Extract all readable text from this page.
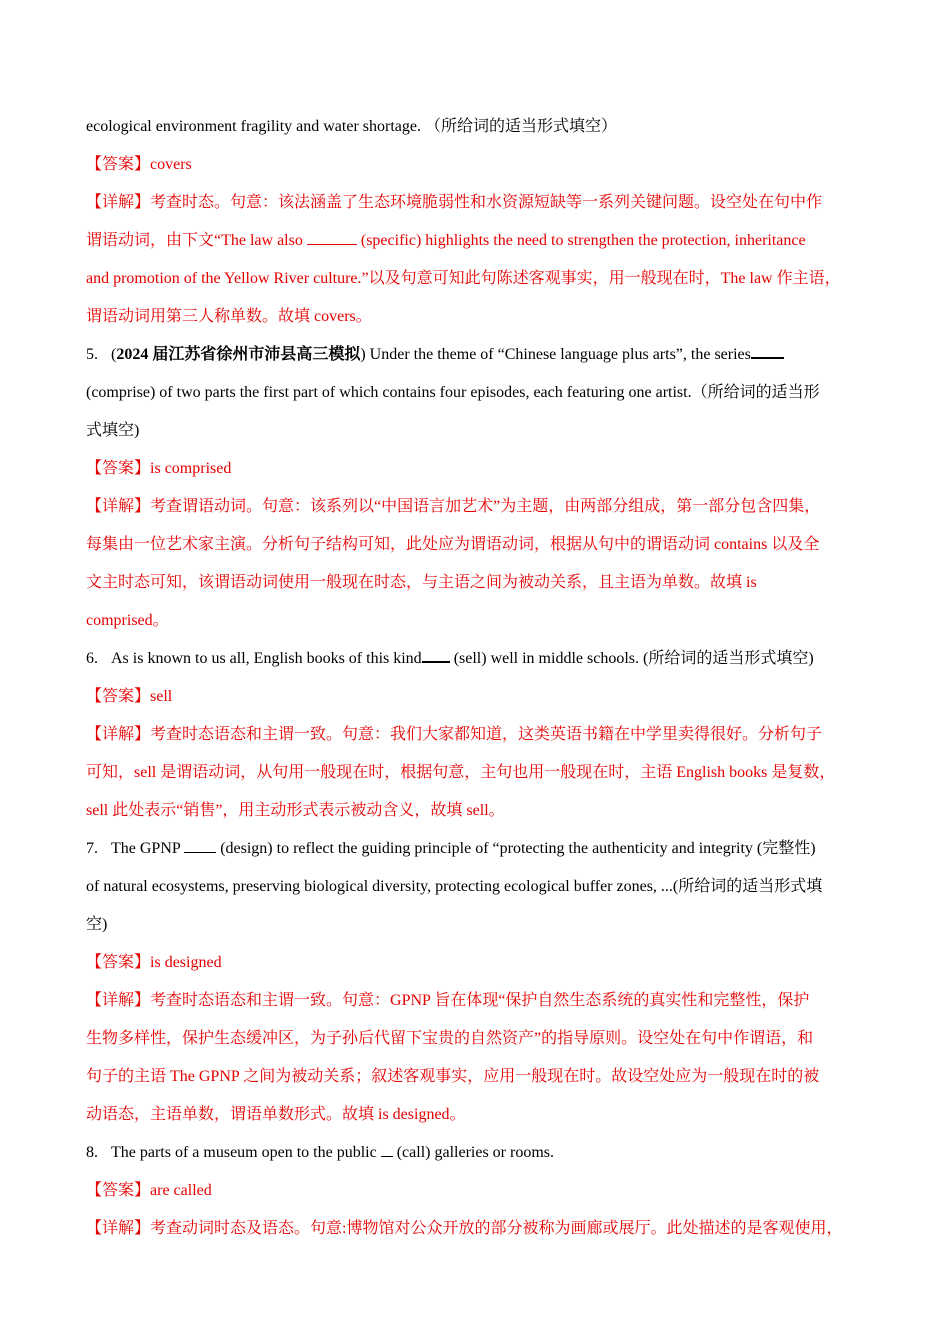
ecological environment fragility and water shortage. （所给词的适当形式填空）
【答案】covers
【详解】考查时态。句意：该法涵盖了生态环境脆弱性和水资源短缺等一系列关键问题。设空处在句中作
谓语动词，由下文“The law also	(specific) highlights the need to strengthen the protection, inheritance
and promotion of the Yellow River culture.”以及句意可知此句陈述客观事实，用一般现在时，The law 作主语，
谓语动词用第三人称单数。故填 covers。
5. (2024 届江苏省徐州市沛县高三模拟) Under the theme of “Chinese language plus arts”, the series
(comprise) of two parts the first part of which contains four episodes, each featuring one artist.（所给词的适当形
式填空)
【答案】is comprised
【详解】考查谓语动词。句意：该系列以“中国语言加艺术”为主题，由两部分组成，第一部分包含四集，
每集由一位艺术家主演。分析句子结构可知，此处应为谓语动词，根据从句中的谓语动词 contains 以及全
文主时态可知，该谓语动词使用一般现在时态，与主语之间为被动关系，且主语为单数。故填 is
comprised。
6. As is known to us all, English books of this kind (sell) well in middle schools. (所给词的适当形式填空)
【答案】sell
【详解】考查时态语态和主谓一致。句意：我们大家都知道，这类英语书籍在中学里卖得很好。分析句子
可知，sell 是谓语动词，从句用一般现在时，根据句意，主句也用一般现在时，主语 English books 是复数，
sell 此处表示“销售”，用主动形式表示被动含义，故填 sell。
7. The GPNP  (design) to reflect the guiding principle of “protecting the authenticity and integrity (完整性)
of natural ecosystems, preserving biological diversity, protecting ecological buffer zones, ...(所给词的适当形式填
空)
【答案】is designed
【详解】考查时态语态和主谓一致。句意：GPNP 旨在体现“保护自然生态系统的真实性和完整性，保护
生物多样性，保护生态缓冲区，为子孙后代留下宝贵的自然资产”的指导原则。设空处在句中作谓语，和
句子的主语 The GPNP 之间为被动关系；叙述客观事实，应用一般现在时。故设空处应为一般现在时的被
动语态，主语单数，谓语单数形式。故填 is designed。
8. The parts of a museum open to the public  (call) galleries or rooms.
【答案】are called
【详解】考查动词时态及语态。句意:博物馆对公众开放的部分被称为画廊或展厅。此处描述的是客观使用，
